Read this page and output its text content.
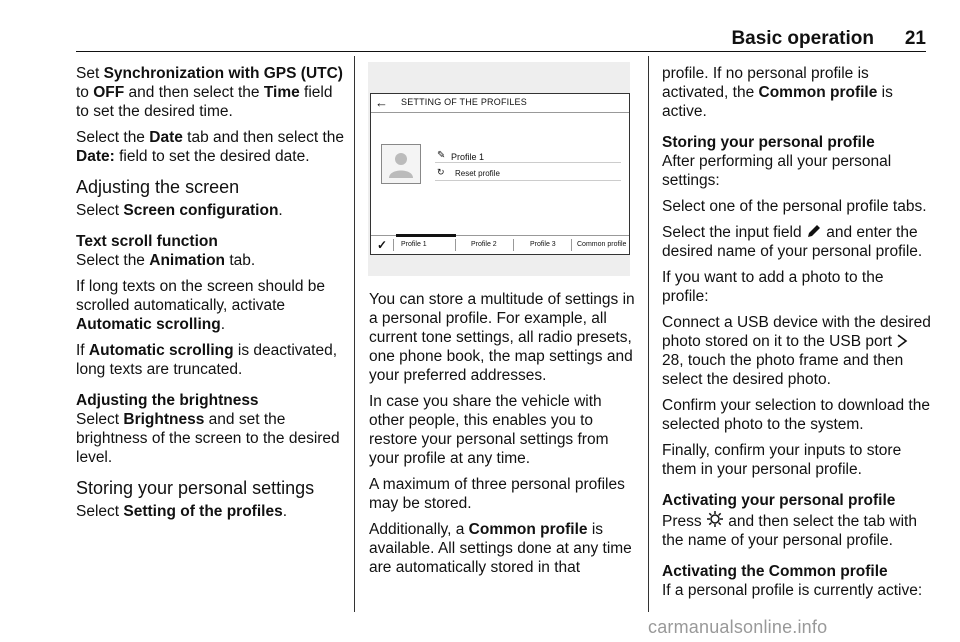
Basic operation 21

Set Synchronization with GPS (UTC) to OFF and then select the Time field to set the desired time.

Select the Date tab and then select the Date: field to set the desired date.

Adjusting the screen

Select Screen configuration.

Text scroll function

Select the Animation tab.

If long texts on the screen should be scrolled automatically, activate Automatic scrolling.

If Automatic scrolling is deactivated, long texts are truncated.

Adjusting the brightness

Select Brightness and set the brightness of the screen to the desired level.

Storing your personal settings

Select Setting of the profiles.

← SETTING OF THE PROFILES
✎ Profile 1
↻ Reset profile
✓ Profile 1	Profile 2	Profile 3	Common profile

You can store a multitude of settings in a personal profile. For example, all current tone settings, all radio presets, one phone book, the map settings and your preferred addresses.

In case you share the vehicle with other people, this enables you to restore your personal settings from your profile at any time.

A maximum of three personal profiles may be stored.

Additionally, a Common profile is available. All settings done at any time are automatically stored in that

profile. If no personal profile is activated, the Common profile is active.

Storing your personal profile

After performing all your personal settings:

Select one of the personal profile tabs.

Select the input field  and enter the desired name of your personal profile.

If you want to add a photo to the profile:

Connect a USB device with the desired photo stored on it to the USB port  28, touch the photo frame and then select the desired photo.

Confirm your selection to download the selected photo to the system.

Finally, confirm your inputs to store them in your personal profile.

Activating your personal profile

Press  and then select the tab with the name of your personal profile.

Activating the Common profile

If a personal profile is currently active:

carmanualsonline.info
